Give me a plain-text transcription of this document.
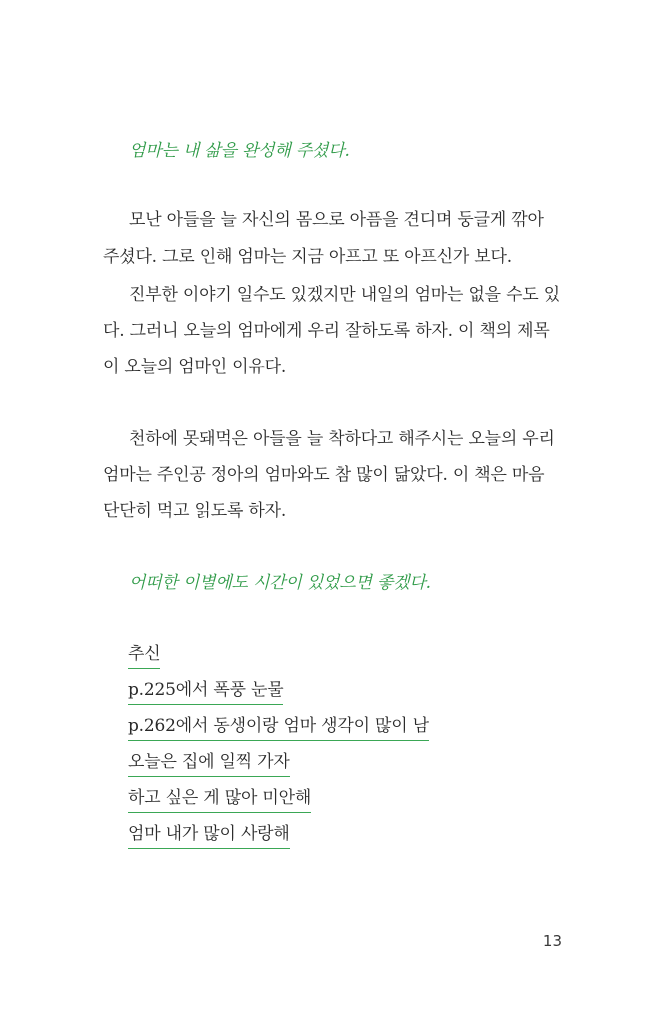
엄마는 내 삶을 완성해 주셨다.
모난 아들을 늘 자신의 몸으로 아픔을 견디며 둥글게 깎아
주셨다. 그로 인해 엄마는 지금 아프고 또 아프신가 보다.
진부한 이야기 일수도 있겠지만 내일의 엄마는 없을 수도 있
다. 그러니 오늘의 엄마에게 우리 잘하도록 하자. 이 책의 제목
이 오늘의 엄마인 이유다.
천하에 못돼먹은 아들을 늘 착하다고 해주시는 오늘의 우리
엄마는 주인공 정아의 엄마와도 참 많이 닮았다. 이 책은 마음
단단히 먹고 읽도록 하자.
어떠한 이별에도 시간이 있었으면 좋겠다.
추신
p.225에서 폭풍 눈물
p.262에서 동생이랑 엄마 생각이 많이 남
오늘은 집에 일찍 가자
하고 싶은 게 많아 미안해
엄마 내가 많이 사랑해
13
